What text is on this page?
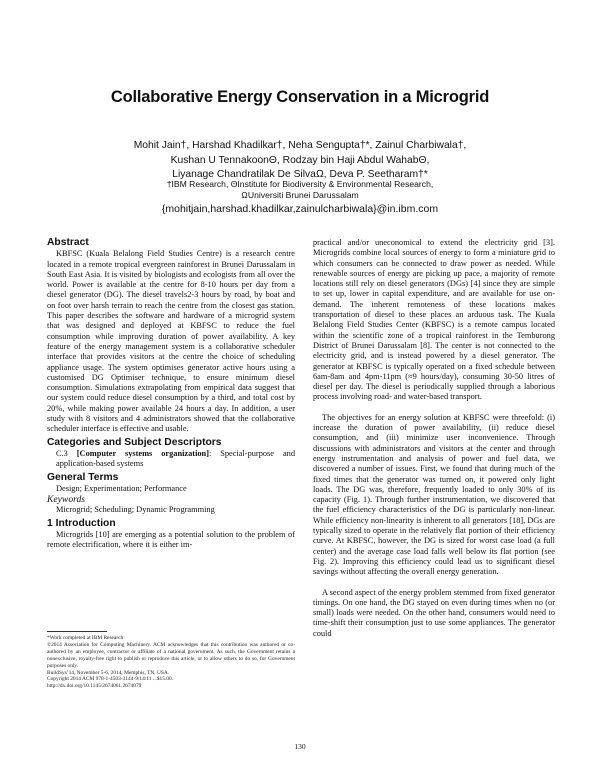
Collaborative Energy Conservation in a Microgrid
Mohit Jain†, Harshad Khadilkar†, Neha Sengupta†*, Zainul Charbiwala†,
Kushan U TennakoonΘ, Rodzay bin Haji Abdul WahabΘ,
Liyanage Chandratilak De SilvaΩ, Deva P. Seetharam†*
†IBM Research, ΘInstitute for Biodiversity & Environmental Research,
ΩUniversiti Brunei Darussalam
{mohitjain,harshad.khadilkar,zainulcharbiwala}@in.ibm.com
Abstract

KBFSC (Kuala Belalong Field Studies Centre) is a research centre located in a remote tropical evergreen rainforest in Brunei Darussalam in South East Asia. It is visited by biologists and ecologists from all over the world. Power is available at the centre for 8-10 hours per day from a diesel generator (DG). The diesel travels2-3 hours by road, by boat and on foot over harsh terrain to reach the centre from the closest gas station. This paper describes the software and hardware of a microgrid system that was designed and deployed at KBFSC to reduce the fuel consumption while improving duration of power availability. A key feature of the energy management system is a collaborative scheduler interface that provides visitors at the centre the choice of scheduling appliance usage. The system optimises generator active hours using a customised DG Optimiser technique, to ensure minimum diesel consumption. Simulations extrapolating from empirical data suggest that our system could reduce diesel consumption by a third, and total cost by 20%, while making power available 24 hours a day. In addition, a user study with 8 visitors and 4 administrators showed that the collaborative scheduler interface is effective and usable.

Categories and Subject Descriptors

C.3 [Computer systems organization]: Special-purpose and application-based systems

General Terms

Design; Experimentation; Performance

Keywords

Microgrid; Scheduling; Dynamic Programming

1 Introduction

Microgrids [10] are emerging as a potential solution to the problem of remote electrification, where it is either im-

*Work completed at IBM Research

©2014 Association for Computing Machinery. ACM acknowledges that this contribution was authored or co-authored by an employee, contractor or affiliate of a national government. As such, the Government retains a nonexclusive, royalty-free right to publish or reproduce this article, or to allow others to do so, for Government purposes only.

BuildSys’14, November 5-6, 2014, Memphis, TN, USA.

Copyright 2014 ACM 978-1-4503-3144-9/14/11 ...$15.00.

http://dx.doi.org/10.1145/2674061.2674079

practical and/or uneconomical to extend the electricity grid [3]. Microgrids combine local sources of energy to form a miniature grid to which consumers can be connected to draw power as needed. While renewable sources of energy are picking up pace, a majority of remote locations still rely on diesel generators (DGs) [4] since they are simple to set up, lower in capital expenditure, and are available for use on-demand. The inherent remoteness of these locations makes transportation of diesel to these places an arduous task. The Kuala Belalong Field Studies Center (KBFSC) is a remote campus located within the scientific zone of a tropical rainforest in the Temburong District of Brunei Darussalam [8]. The center is not connected to the electricity grid, and is instead powered by a diesel generator. The generator at KBFSC is typically operated on a fixed schedule between 6am-8am and 4pm-11pm (≈9 hours/day), consuming 30-50 litres of diesel per day. The diesel is periodically supplied through a laborious process involving road- and water-based transport.

The objectives for an energy solution at KBFSC were threefold: (i) increase the duration of power availability, (ii) reduce diesel consumption, and (iii) minimize user inconvenience. Through discussions with administrators and visitors at the center and through energy instrumentation and analysis of power and fuel data, we discovered a number of issues. First, we found that during much of the fixed times that the generator was turned on, it powered only light loads. The DG was, therefore, frequently loaded to only 30% of its capacity (Fig. 1). Through further instrumentation, we discovered that the fuel efficiency characteristics of the DG is particularly non-linear. While efficiency non-linearity is inherent to all generators [18], DGs are typically sized to operate in the relatively flat portion of their efficiency curve. At KBFSC, however, the DG is sized for worst case load (a full center) and the average case load falls well below its flat portion (see Fig. 2). Improving this efficiency could lead us to significant diesel savings without affecting the overall energy generation.

A second aspect of the energy problem stemmed from fixed generator timings. On one hand, the DG stayed on even during times when no (or small) loads were needed. On the other hand, consumers would need to time-shift their consumption just to use some appliances. The generator could

130
